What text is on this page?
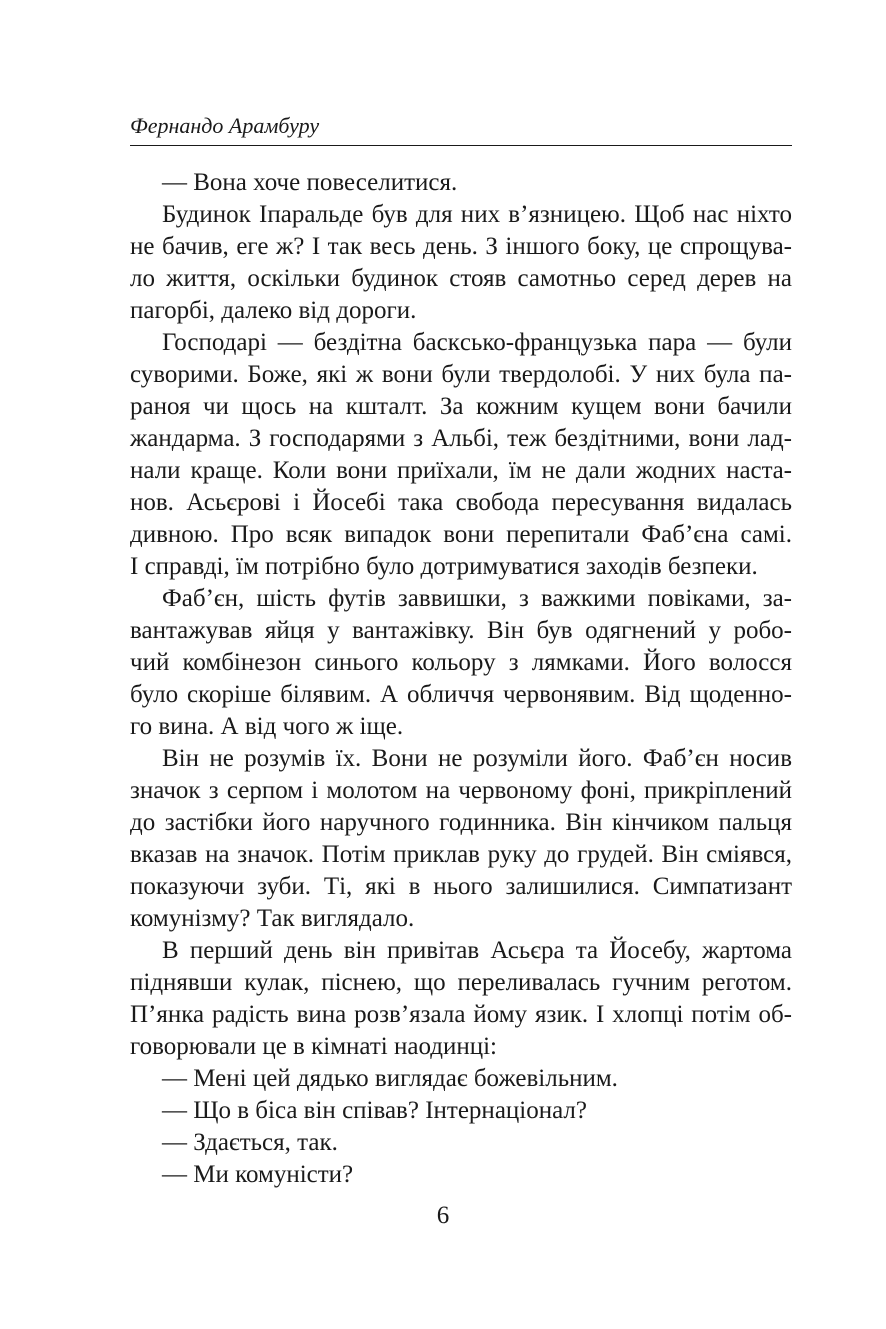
Фернандо Арамбуру

— Вона хоче повеселитися.

Будинок Іпаральде був для них в’язницею. Щоб нас ніхто

не бачив, еге ж? І так весь день. З іншого боку, це спрощува-

ло життя, оскільки будинок стояв самотньо серед дерев на

пагорбі, далеко від дороги.

Господарі — бездітна баскcько-французька пара — були

суворими. Боже, які ж вони були твердолобі. У них була па-

раноя чи щось на кшталт. За кожним кущем вони бачили

жандарма. З господарями з Альбі, теж бездітними, вони лад-

нали краще. Коли вони приїхали, їм не дали жодних настa-

нов. Асьєрові і Йосебі така свобода пересування видалась

дивною. Про всяк випадок вони перепитали Фаб’єна самі.

І справді, їм потрібно було дотримуватися заходів безпеки.

Фаб’єн, шість футів заввишки, з важкими повіками, за-

вантажував яйця у вантажівку. Він був одягнений у робо-

чий комбінезон синього кольору з лямками. Його волосся

було скоріше білявим. А обличчя червонявим. Від щоденно-

го вина. А від чого ж іще.

Він не розумів їх. Вони не розуміли його. Фаб’єн носив

значок з серпом і молотом на червоному фоні, прикріплений

до застібки його наручного годинника. Він кінчиком пальця

вказав на значок. Потім приклав руку до грудей. Він сміявся,

показуючи зуби. Ті, які в нього залишилися. Симпатизант

комунізму? Так виглядало.

В перший день він привітав Асьєра та Йосебу, жартома

піднявши кулак, піснею, що переливалась гучним реготом.

П’янка радість вина розв’язала йому язик. І хлопці потім об-

говорювали це в кімнаті наодинці:

— Мені цей дядько виглядає божевільним.

— Що в біса він співав? Інтернаціонал?

— Здається, так.

— Ми комуністи?

6
